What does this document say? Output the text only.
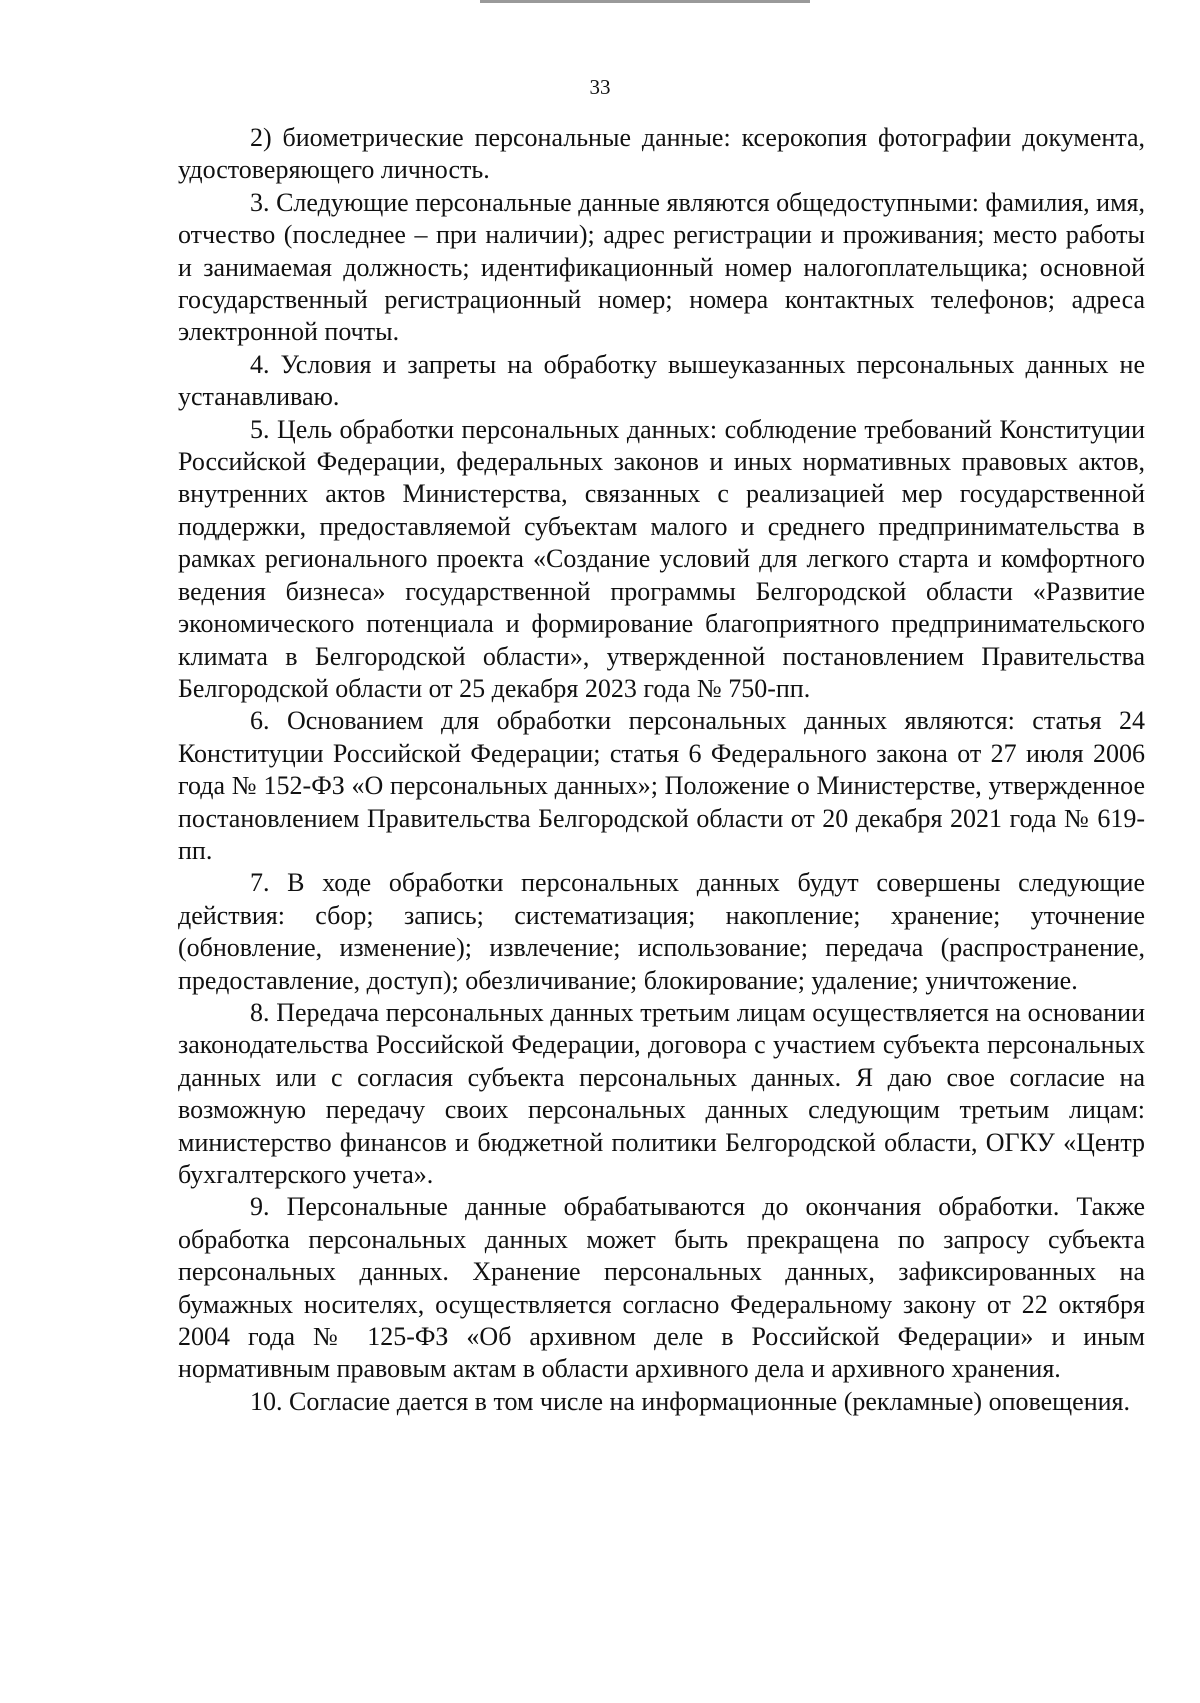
33

2) биометрические персональные данные: ксерокопия фотографии документа, удостоверяющего личность.

3. Следующие персональные данные являются общедоступными: фамилия, имя, отчество (последнее – при наличии); адрес регистрации и проживания; место работы и занимаемая должность; идентификационный номер налогоплательщика; основной государственный регистрационный номер; номера контактных телефонов; адреса электронной почты.

4. Условия и запреты на обработку вышеуказанных персональных данных не устанавливаю.

5. Цель обработки персональных данных: соблюдение требований Конституции Российской Федерации, федеральных законов и иных нормативных правовых актов, внутренних актов Министерства, связанных с реализацией мер государственной поддержки, предоставляемой субъектам малого и среднего предпринимательства в рамках регионального проекта «Создание условий для легкого старта и комфортного ведения бизнеса» государственной программы Белгородской области «Развитие экономического потенциала и формирование благоприятного предпринимательского климата в Белгородской области», утвержденной постановлением Правительства Белгородской области от 25 декабря 2023 года № 750-пп.

6. Основанием для обработки персональных данных являются: статья 24 Конституции Российской Федерации; статья 6 Федерального закона от 27 июля 2006 года № 152-ФЗ «О персональных данных»; Положение о Министерстве, утвержденное постановлением Правительства Белгородской области от 20 декабря 2021 года № 619-пп.

7. В ходе обработки персональных данных будут совершены следующие действия: сбор; запись; систематизация; накопление; хранение; уточнение (обновление, изменение); извлечение; использование; передача (распространение, предоставление, доступ); обезличивание; блокирование; удаление; уничтожение.

8. Передача персональных данных третьим лицам осуществляется на основании законодательства Российской Федерации, договора с участием субъекта персональных данных или с согласия субъекта персональных данных. Я даю свое согласие на возможную передачу своих персональных данных следующим третьим лицам: министерство финансов и бюджетной политики Белгородской области, ОГКУ «Центр бухгалтерского учета».

9. Персональные данные обрабатываются до окончания обработки. Также обработка персональных данных может быть прекращена по запросу субъекта персональных данных. Хранение персональных данных, зафиксированных на бумажных носителях, осуществляется согласно Федеральному закону от 22 октября 2004 года № 125-ФЗ «Об архивном деле в Российской Федерации» и иным нормативным правовым актам в области архивного дела и архивного хранения.

10. Согласие дается в том числе на информационные (рекламные) оповещения.
